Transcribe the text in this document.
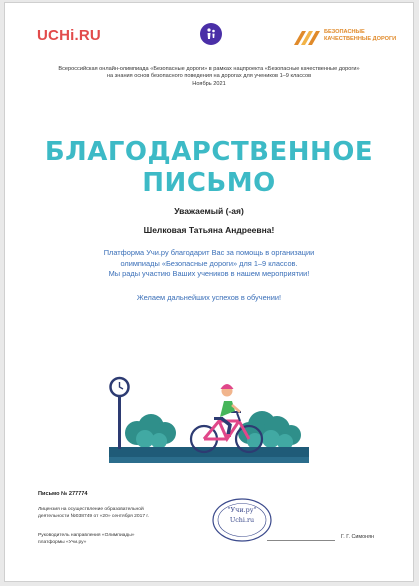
UCHi.RU	БЕЗОПАСНЫЕ КАЧЕСТВЕННЫЕ ДОРОГИ
Всероссийская онлайн-олимпиада «Безопасные дороги» в рамках нацпроекта «Безопасные качественные дороги»
на знания основ безопасного поведения на дорогах для учеников 1–9 классов
Ноябрь 2021
БЛАГОДАРСТВЕННОЕ
ПИСЬМО
Уважаемый (-ая)
Шелковая Татьяна Андреевна!
Платформа Учи.ру благодарит Вас за помощь в организации
олимпиады «Безопасные дороги» для 1–9 классов.
Мы рады участию Ваших учеников в нашем мероприятии!
Желаем дальнейших успехов в обучении!
Письмо № 277774
Лицензия на осуществление образовательной
деятельности №038749 от «20» сентября 2017 г.
Руководитель направления «Олимпиады»
платформы «Учи.ру»
"Учи.ру"
Uchi.ru
Г. Г. Симонян
